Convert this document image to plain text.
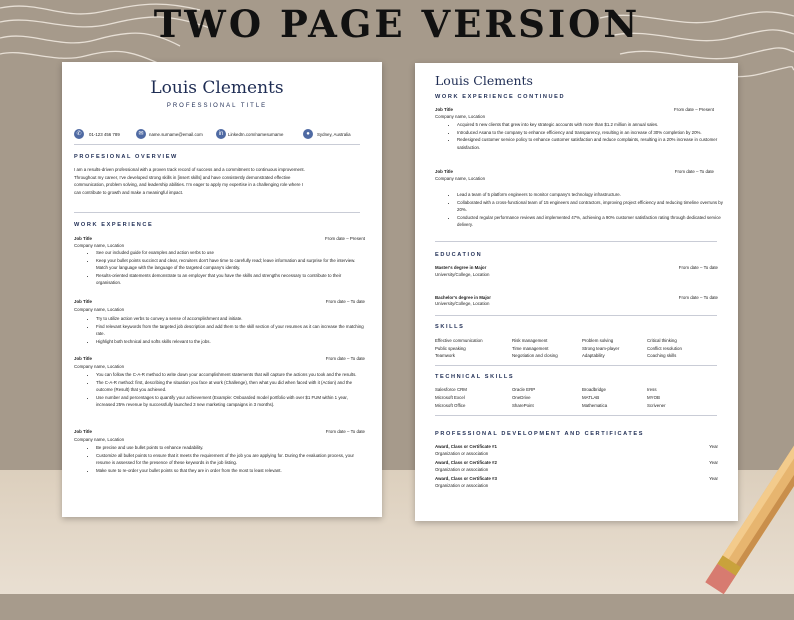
TWO PAGE VERSION
Louis Clements
PROFESSIONAL TITLE
✆	01-123 456 789	✉	name.surname@email.com	in	LinkedIn.com/namesurname	●	Sydney, Australia
PROFESIONAL OVERVIEW
I am a results-driven professional with a proven track record of success and a commitment to continuous improvement.
Throughout my career, I've developed strong skills in [insert skills] and have consistently demonstrated effective
communication, problem solving, and leadership abilities. I'm eager to apply my expertise in a challenging role where I
can contribute to growth and make a meaningful impact.
WORK EXPERIENCE
Job Title	From date – Present
Company name, Location
• See our included guide for examples and action verbs to use
• Keep your bullet points succinct and clear, recruiters don't have time to carefully read; leave information and surprise for the interview. Match your language with the language of the targeted company's identity.
• Results-oriented statements demonstrate to an employer that you have the skills and strengths necessary to contribute to their organisation.
Job Title	From date – To date
Company name, Location
• Try to utilize action verbs to convey a sense of accomplishment and initiate.
• Find relevant keywords from the targeted job description and add them to the skill section of your resumes as it can increase the matching rate.
• Highlight both technical and softs skills relevant to the jobs.
Job Title	From date – To date
Company name, Location
• You can follow the C-A-R method to write down your accomplishment statements that will capture the actions you took and the results.
• The C-A-R method: first, describing the situation you face at work (Challenge), then what you did when faced with it (Action) and the outcome (Result) that you achieved.
• Use number and percentages to quantify your achievement (Example: Onboarded model portfolio with over $1 FUM within 1 year, increased 25% revenue by successfully launched 3 new marketing campaigns in 3 months).
Job Title	From date – To date
Company name, Location
• Be precise and use bullet points to enhance readability.
• Customize all bullet points to ensure that it meets the requirement of the job you are applying for. During the evaluation process, your resume is assessed for the presence of these keywords in the job listing.
• Make sure to re-order your bullet points so that they are in order from the most to least relevant.
Louis Clements
WORK EXPERIENCE CONTINUED
Job Title	From date – Present
Company name, Location
• Acquired 5 new clients that grew into key strategic accounts with more than $1.2 million in annual sales.
• Introduced Asana to the company to enhance efficiency and transparency, resulting in an increase of 30% completion by 20%.
• Redesigned customer service policy to enhance customer satisfaction and reduce complaints, resulting in a 20% increase in customer satisfaction.
Job Title	From date – To date
Company name, Location
• Lead a team of 5 platform engineers to monitor company's technology infrastructure.
• Collaborated with a cross-functional team of 15 engineers and contractors, improving project efficiency and reducing timeline overruns by 20%.
• Conducted regular performance reviews and implemented 47%, achieving a 90% customer satisfaction rating through dedicated service delivery.
EDUCATION
Master's degree in Major	From date – To date
University/College, Location
Bachelor's degree in Major	From date – To date
University/College, Location
SKILLS
Effective communication	Risk management	Problem solving	Critical thinking
Public speaking	Time management	Strong team-player	Conflict resolution
Teamwork	Negotiation and closing	Adaptability	Coaching skills
TECHNICAL SKILLS
Salesforce CRM	Oracle ERP	Broadbridge	Iress
Microsoft Excel	OneDrive	MATLAB	MYOB
Microsoft Office	SharePoint	Mathematica	Scrivener
PROFESSIONAL DEVELOPMENT AND CERTIFICATES
Award, Class or Certificate #1	Year
Organization or association
Award, Class or Certificate #2	Year
Organization or association
Award, Class or Certificate #3	Year
Organization or association
